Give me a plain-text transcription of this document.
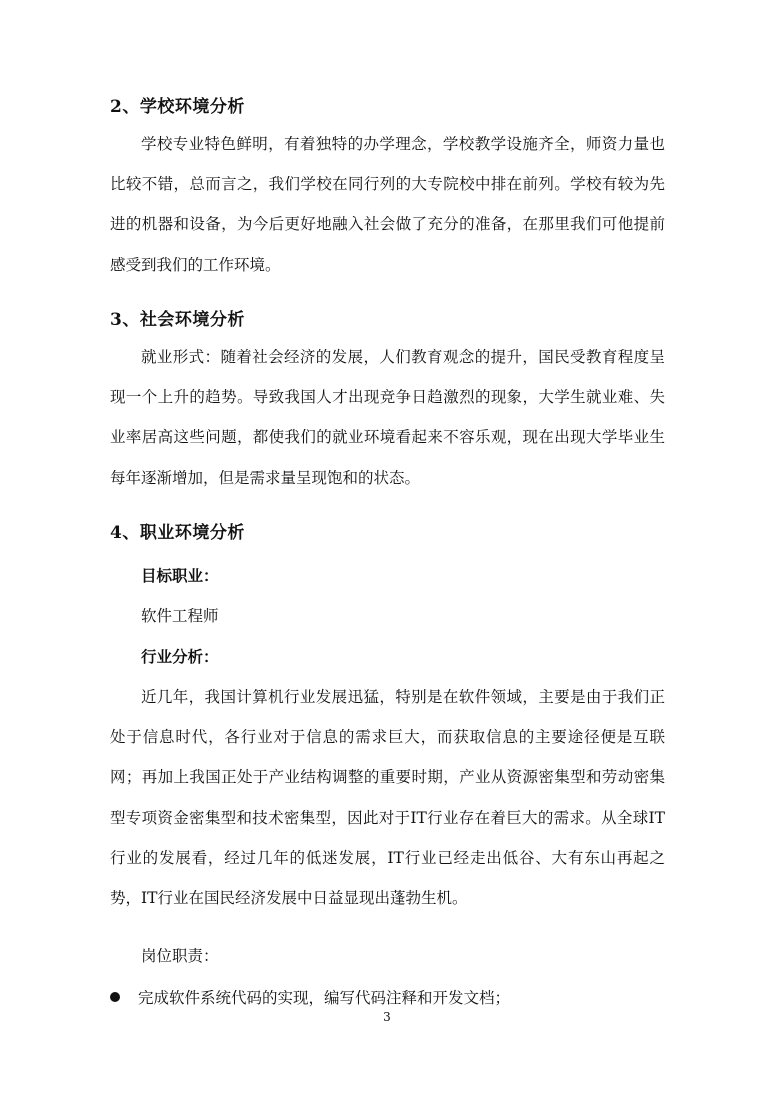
2、学校环境分析

学校专业特色鲜明，有着独特的办学理念，学校教学设施齐全，师资力量也比较不错，总而言之，我们学校在同行列的大专院校中排在前列。学校有较为先进的机器和设备，为今后更好地融入社会做了充分的准备，在那里我们可他提前感受到我们的工作环境。

3、社会环境分析

就业形式：随着社会经济的发展，人们教育观念的提升，国民受教育程度呈现一个上升的趋势。导致我国人才出现竞争日趋激烈的现象，大学生就业难、失业率居高这些问题，都使我们的就业环境看起来不容乐观，现在出现大学毕业生每年逐渐增加，但是需求量呈现饱和的状态。

4、职业环境分析
目标职业：
软件工程师
行业分析：

近几年，我国计算机行业发展迅猛，特别是在软件领域，主要是由于我们正处于信息时代，各行业对于信息的需求巨大，而获取信息的主要途径便是互联网；再加上我国正处于产业结构调整的重要时期，产业从资源密集型和劳动密集型专项资金密集型和技术密集型，因此对于IT行业存在着巨大的需求。从全球IT行业的发展看，经过几年的低迷发展，IT行业已经走出低谷、大有东山再起之势，IT行业在国民经济发展中日益显现出蓬勃生机。

岗位职责：
完成软件系统代码的实现，编写代码注释和开发文档；
3
